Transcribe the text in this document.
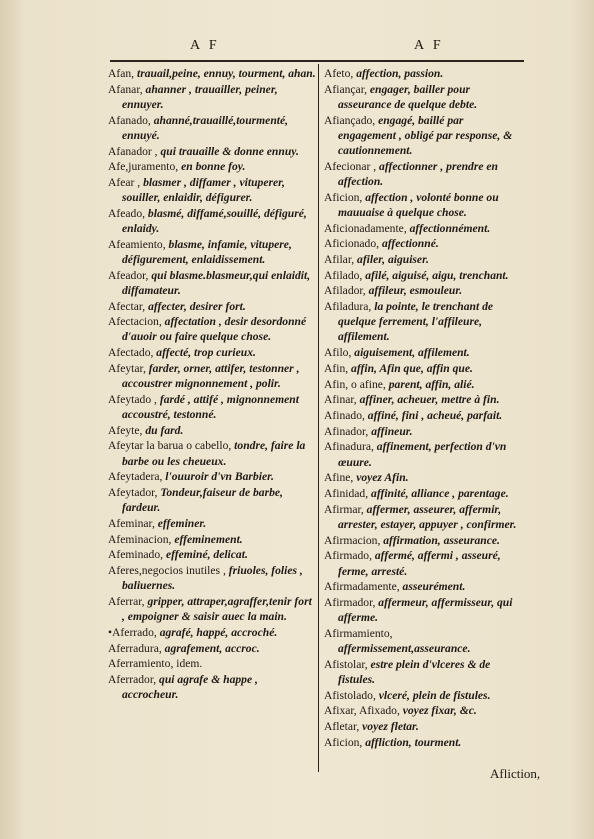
A F	A F
Afan, trauail,peine, ennuy, tourment, ahan.
Afanar, ahanner , trauailler, peiner, ennuyer.
Afanado, ahanné,trauaillé,tourmenté, ennuyé.
Afanador , qui trauaille & donne ennuy.
Afe,juramento, en bonne foy.
Afear , blasmer , diffamer , vituperer, souiller, enlaidir, défigurer.
Afeado, blasmé, diffamé,souillé, défiguré, enlaidy.
Afeamiento, blasme, infamie, vitupere, défigurement, enlaidissement.
Afeador, qui blasme.blasmeur,qui enlaidit, diffamateur.
Afectar, affecter, desirer fort.
Afectacion, affectation , desir desordonné d'auoir ou faire quelque chose.
Afectado, affecté, trop curieux.
Afeytar, farder, orner, attifer, testonner , accoustrer mignonnement , polir.
Afeytado , fardé , attifé , mignonnement accoustré, testonné.
Afeyte, du fard.
Afeytar la barua o cabello, tondre, faire la barbe ou les cheueux.
Afeytadera, l'ouuroir d'vn Barbier.
Afeytador, Tondeur,faiseur de barbe, fardeur.
Afeminar, effeminer.
Afeminacion, effeminement.
Afeminado, effeminé, delicat.
Aferes,negocios inutiles , friuoles, folies , baliuernes.
Aferrar, gripper, attraper,agraffer,tenir fort , empoigner & saisir auec la main.
•Aferrado, agrafé, happé, accroché.
Aferradura, agrafement, accroc.
Aferramiento, idem.
Aferrador, qui agrafe & happe , accrocheur.
Afeto, affection, passion.
Afiançar, engager, bailler pour asseurance de quelque debte.
Afiançado, engagé, baillé par engagement , obligé par response, & cautionnement.
Afecionar , affectionner , prendre en affection.
Aficion, affection , volonté bonne ou mauuaise à quelque chose.
Aficionadamente, affectionnément.
Aficionado, affectionné.
Afilar, afiler, aiguiser.
Afilado, afilé, aiguisé, aigu, trenchant.
Afilador, affileur, esmouleur.
Afiladura, la pointe, le trenchant de quelque ferrement, l'affileure, affilement.
Afilo, aiguisement, affilement.
Afin, affin, Afin que, affin que.
Afin, o afine, parent, affin, alié.
Afinar, affiner, acheuer, mettre à fin.
Afinado, affiné, fini , acheué, parfait.
Afinador, affineur.
Afinadura, affinement, perfection d'vn œuure.
Afine, voyez Afin.
Afinidad, affinité, alliance , parentage.
Afirmar, affermer, asseurer, affermir, arrester, estayer, appuyer , confirmer.
Afirmacion, affirmation, asseurance.
Afirmado, affermé, affermi , asseuré, ferme, arresté.
Afirmadamente, asseurément.
Afirmador, affermeur, affermisseur, qui afferme.
Afirmamiento, affermissement,asseurance.
Afistolar, estre plein d'vlceres & de fistules.
Afistolado, vlceré, plein de fistules.
Afixar, Afixado, voyez fixar, &c.
Afletar, voyez fletar.
Aficion, affliction, tourment.
Afliction,
